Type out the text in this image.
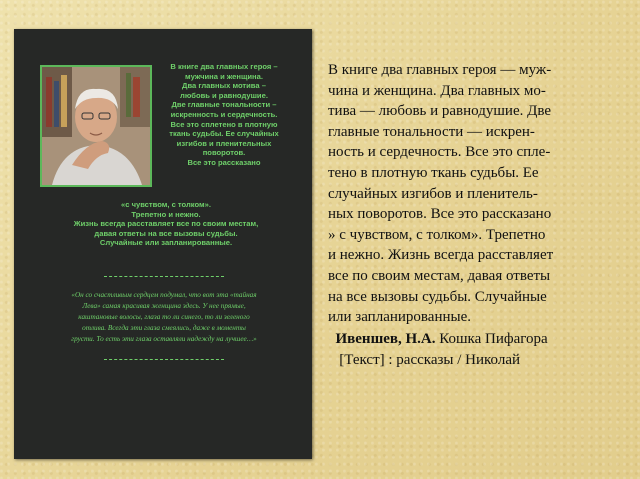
В книге два главных героя –
мужчина и женщина.
Два главных мотива –
любовь и равнодушие.
Две главные тональности –
искренность и сердечность.
Все это сплетено в плотную
ткань судьбы. Ее случайных
изгибов и пленительных
поворотов.
Все это рассказано
«с чувством, с толком».
Трепетно и нежно.
Жизнь всегда расставляет все по своим местам,
давая ответы на все вызовы судьбы.
Случайные или запланированные.
«Он со счастливым сердцем подумал, что вот эта «тайная
Лева» самая красивая женщина здесь. У нее прямые,
каштановые волосы, глаза то ли синего, то ли зеленого
отлива. Всегда эти глаза смеялись, даже в моменты
грусти. То есть эти глаза оставляли надежду на лучшее…»
В книге два главных героя — муж-
чина и женщина. Два главных мо-
тива — любовь и равнодушие. Две
главные тональности — искрен-
ность и сердечность. Все это спле-
тено в плотную ткань судьбы. Ее
случайных изгибов и пленитель-
ных поворотов. Все это рассказано
» с чувством, с толком». Трепетно
и нежно. Жизнь всегда расставляет
все по своим местам, давая ответы
на все вызовы судьбы. Случайные
или запланированные.
Ивеншев, Н.А. Кошка Пифагора
[Текст] : рассказы / Николай
